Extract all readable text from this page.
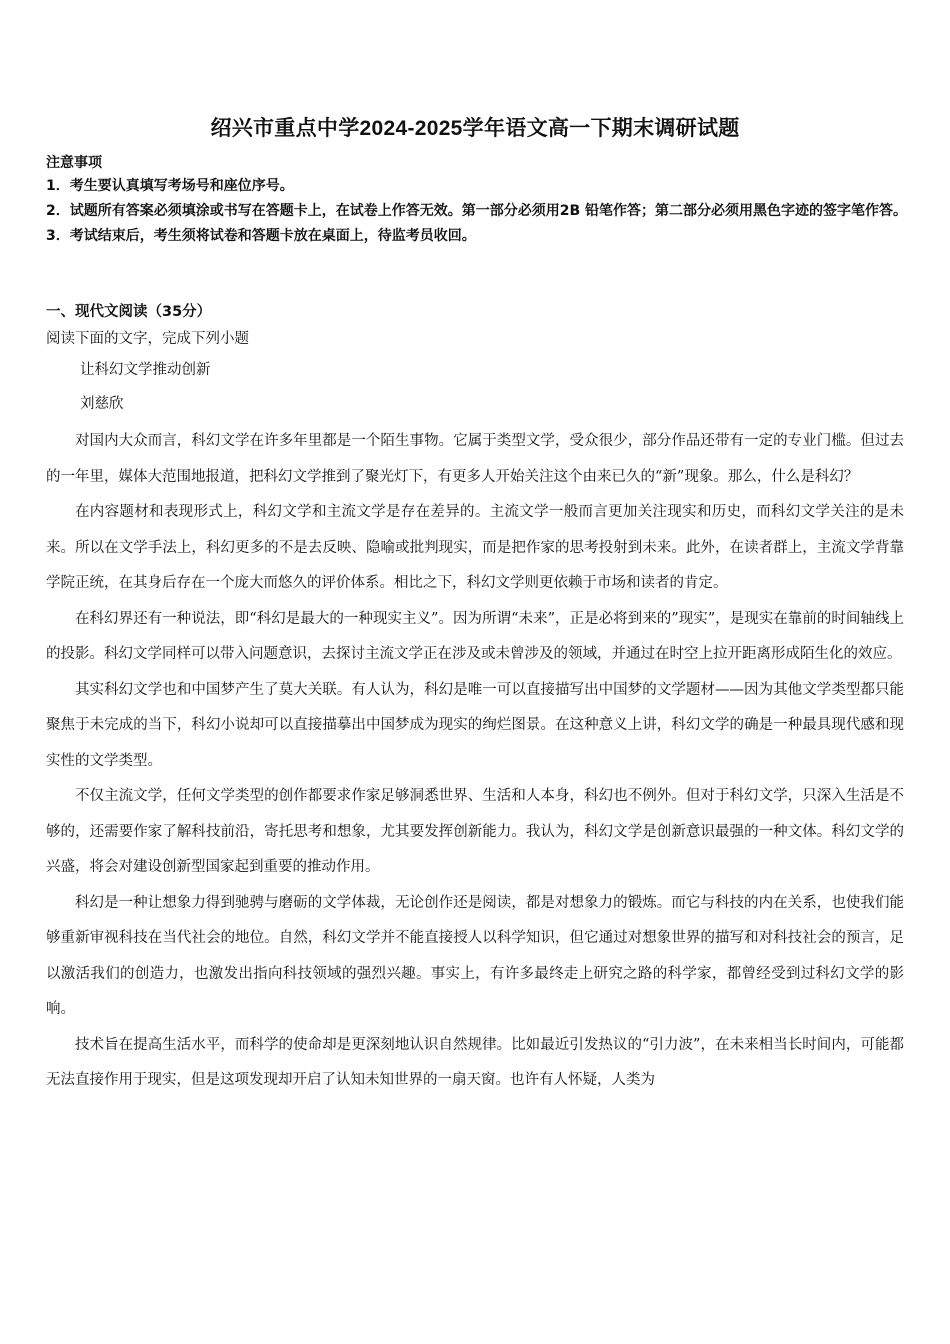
绍兴市重点中学2024-2025学年语文高一下期末调研试题
注意事项
1．考生要认真填写考场号和座位序号。
2．试题所有答案必须填涂或书写在答题卡上，在试卷上作答无效。第一部分必须用2B 铅笔作答；第二部分必须用黑色字迹的签字笔作答。
3．考试结束后，考生须将试卷和答题卡放在桌面上，待监考员收回。
一、现代文阅读（35分）
阅读下面的文字，完成下列小题
让科幻文学推动创新
刘慈欣

对国内大众而言，科幻文学在许多年里都是一个陌生事物。它属于类型文学，受众很少，部分作品还带有一定的专业门槛。但过去的一年里，媒体大范围地报道，把科幻文学推到了聚光灯下，有更多人开始关注这个由来已久的“新”现象。那么，什么是科幻？

在内容题材和表现形式上，科幻文学和主流文学是存在差异的。主流文学一般而言更加关注现实和历史，而科幻文学关注的是未来。所以在文学手法上，科幻更多的不是去反映、隐喻或批判现实，而是把作家的思考投射到未来。此外，在读者群上，主流文学背靠学院正统，在其身后存在一个庞大而悠久的评价体系。相比之下，科幻文学则更依赖于市场和读者的肯定。

在科幻界还有一种说法，即“科幻是最大的一种现实主义”。因为所谓“未来”，正是必将到来的”现实”，是现实在靠前的时间轴线上的投影。科幻文学同样可以带入问题意识，去探讨主流文学正在涉及或未曾涉及的领域，并通过在时空上拉开距离形成陌生化的效应。

其实科幻文学也和中国梦产生了莫大关联。有人认为，科幻是唯一可以直接描写出中国梦的文学题材——因为其他文学类型都只能聚焦于未完成的当下，科幻小说却可以直接描摹出中国梦成为现实的绚烂图景。在这种意义上讲，科幻文学的确是一种最具现代感和现实性的文学类型。

不仅主流文学，任何文学类型的创作都要求作家足够洞悉世界、生活和人本身，科幻也不例外。但对于科幻文学，只深入生活是不够的，还需要作家了解科技前沿，寄托思考和想象，尤其要发挥创新能力。我认为，科幻文学是创新意识最强的一种文体。科幻文学的兴盛，将会对建设创新型国家起到重要的推动作用。

科幻是一种让想象力得到驰骋与磨砺的文学体裁，无论创作还是阅读，都是对想象力的锻炼。而它与科技的内在关系，也使我们能够重新审视科技在当代社会的地位。自然，科幻文学并不能直接授人以科学知识，但它通过对想象世界的描写和对科技社会的预言，足以激活我们的创造力，也激发出指向科技领域的强烈兴趣。事实上，有许多最终走上研究之路的科学家，都曾经受到过科幻文学的影响。

技术旨在提高生活水平，而科学的使命却是更深刻地认识自然规律。比如最近引发热议的“引力波”，在未来相当长时间内，可能都无法直接作用于现实，但是这项发现却开启了认知未知世界的一扇天窗。也许有人怀疑，人类为
